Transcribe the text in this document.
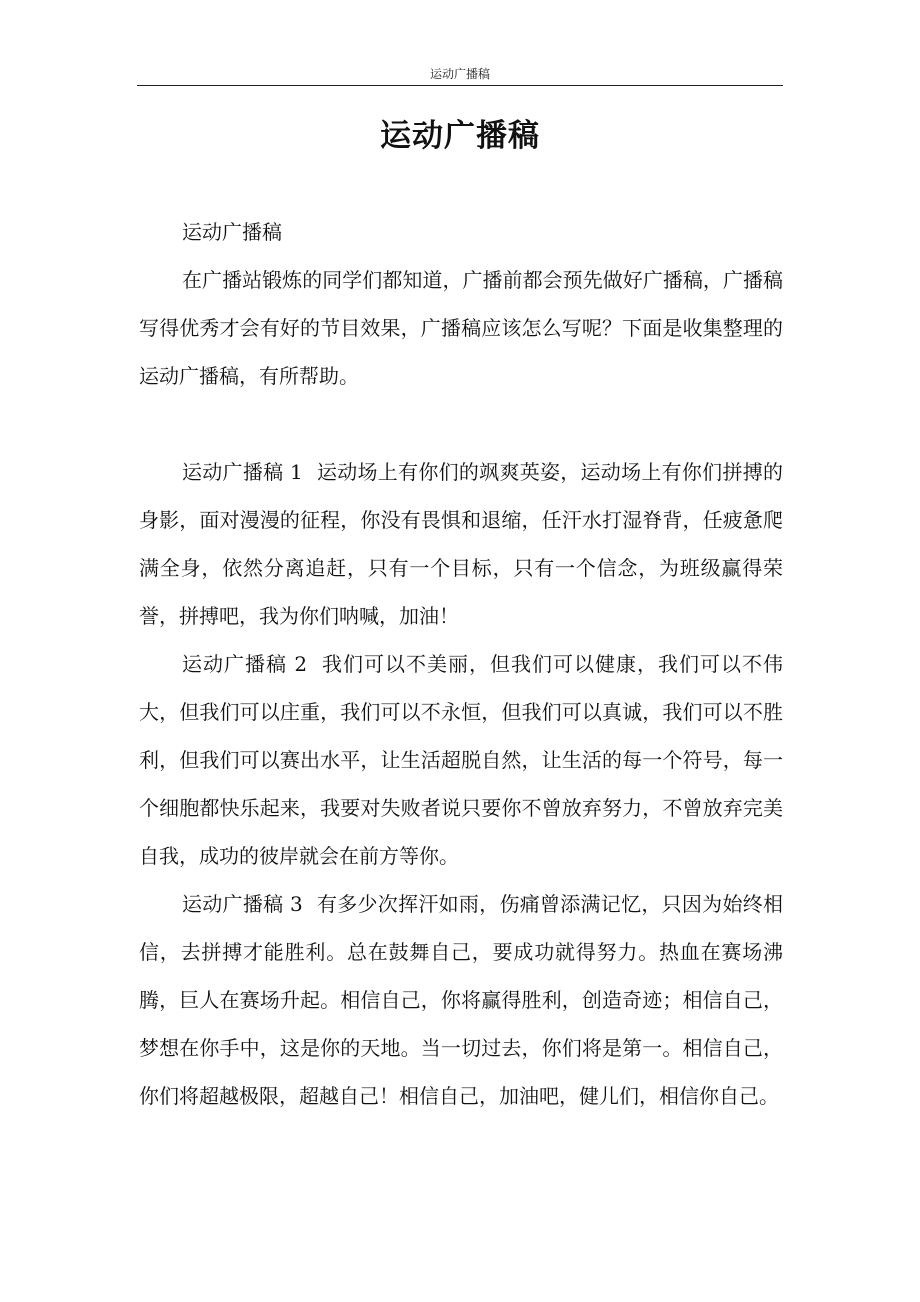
运动广播稿
运动广播稿

运动广播稿

在广播站锻炼的同学们都知道，广播前都会预先做好广播稿，广播稿写得优秀才会有好的节目效果，广播稿应该怎么写呢？下面是收集整理的运动广播稿，有所帮助。

运动广播稿 1 运动场上有你们的飒爽英姿，运动场上有你们拼搏的身影，面对漫漫的征程，你没有畏惧和退缩，任汗水打湿脊背，任疲惫爬满全身，依然分离追赶，只有一个目标，只有一个信念，为班级赢得荣誉，拼搏吧，我为你们呐喊，加油！

运动广播稿 2 我们可以不美丽，但我们可以健康，我们可以不伟大，但我们可以庄重，我们可以不永恒，但我们可以真诚，我们可以不胜利，但我们可以赛出水平，让生活超脱自然，让生活的每一个符号，每一个细胞都快乐起来，我要对失败者说只要你不曾放弃努力，不曾放弃完美自我，成功的彼岸就会在前方等你。

运动广播稿 3 有多少次挥汗如雨，伤痛曾添满记忆，只因为始终相信，去拼搏才能胜利。总在鼓舞自己，要成功就得努力。热血在赛场沸腾，巨人在赛场升起。相信自己，你将赢得胜利，创造奇迹；相信自己，梦想在你手中，这是你的天地。当一切过去，你们将是第一。相信自己，你们将超越极限，超越自己！相信自己，加油吧，健儿们，相信你自己。
